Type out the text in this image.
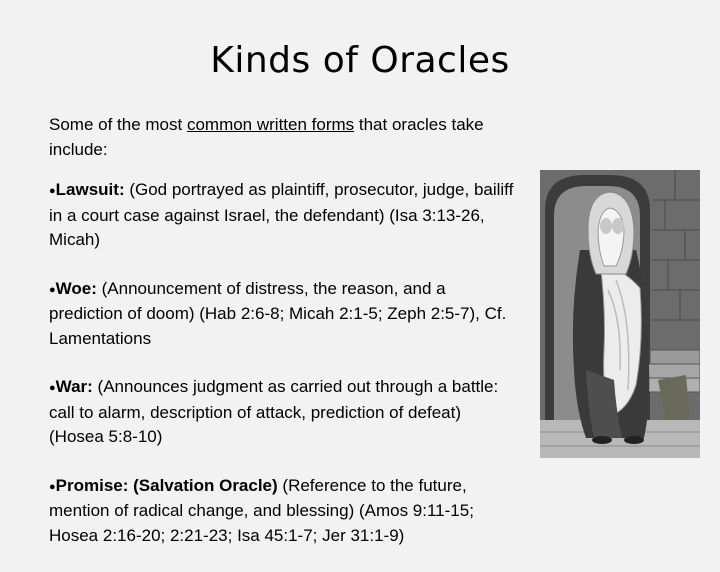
Kinds of Oracles

Some of the most common written forms that oracles take include:

●Lawsuit: (God portrayed as plaintiff, prosecutor, judge, bailiff in a court case against Israel, the defendant) (Isa 3:13-26, Micah)

●Woe: (Announcement of distress, the reason, and a prediction of doom) (Hab 2:6-8; Micah 2:1-5; Zeph 2:5-7), Cf. Lamentations

●War: (Announces judgment as carried out through a battle: call to alarm, description of attack, prediction of defeat) (Hosea 5:8-10)

●Promise: (Salvation Oracle) (Reference to the future, mention of radical change, and blessing) (Amos 9:11-15; Hosea 2:16-20; 2:21-23; Isa 45:1-7; Jer 31:1-9)
